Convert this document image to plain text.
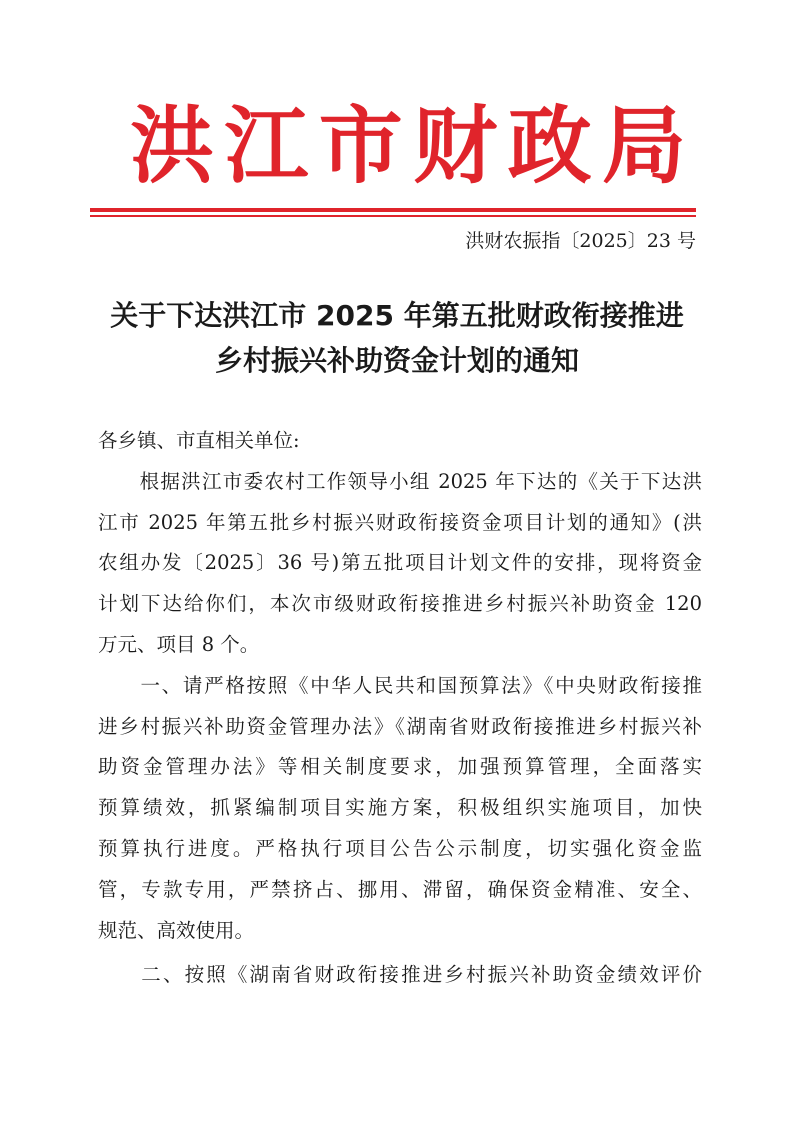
洪江市财政局
洪财农振指〔2025〕23 号
关于下达洪江市 2025 年第五批财政衔接推进
乡村振兴补助资金计划的通知
各乡镇、市直相关单位:
　　根据洪江市委农村工作领导小组 2025 年下达的《关于下达洪
江市 2025 年第五批乡村振兴财政衔接资金项目计划的通知》(洪
农组办发〔2025〕36 号)第五批项目计划文件的安排，现将资金
计划下达给你们，本次市级财政衔接推进乡村振兴补助资金 120
万元、项目 8 个。
　　一、请严格按照《中华人民共和国预算法》《中央财政衔接推
进乡村振兴补助资金管理办法》《湖南省财政衔接推进乡村振兴补
助资金管理办法》等相关制度要求，加强预算管理，全面落实
预算绩效，抓紧编制项目实施方案，积极组织实施项目，加快
预算执行进度。严格执行项目公告公示制度，切实强化资金监
管，专款专用，严禁挤占、挪用、滞留，确保资金精准、安全、
规范、高效使用。
　　二、按照《湖南省财政衔接推进乡村振兴补助资金绩效评价
